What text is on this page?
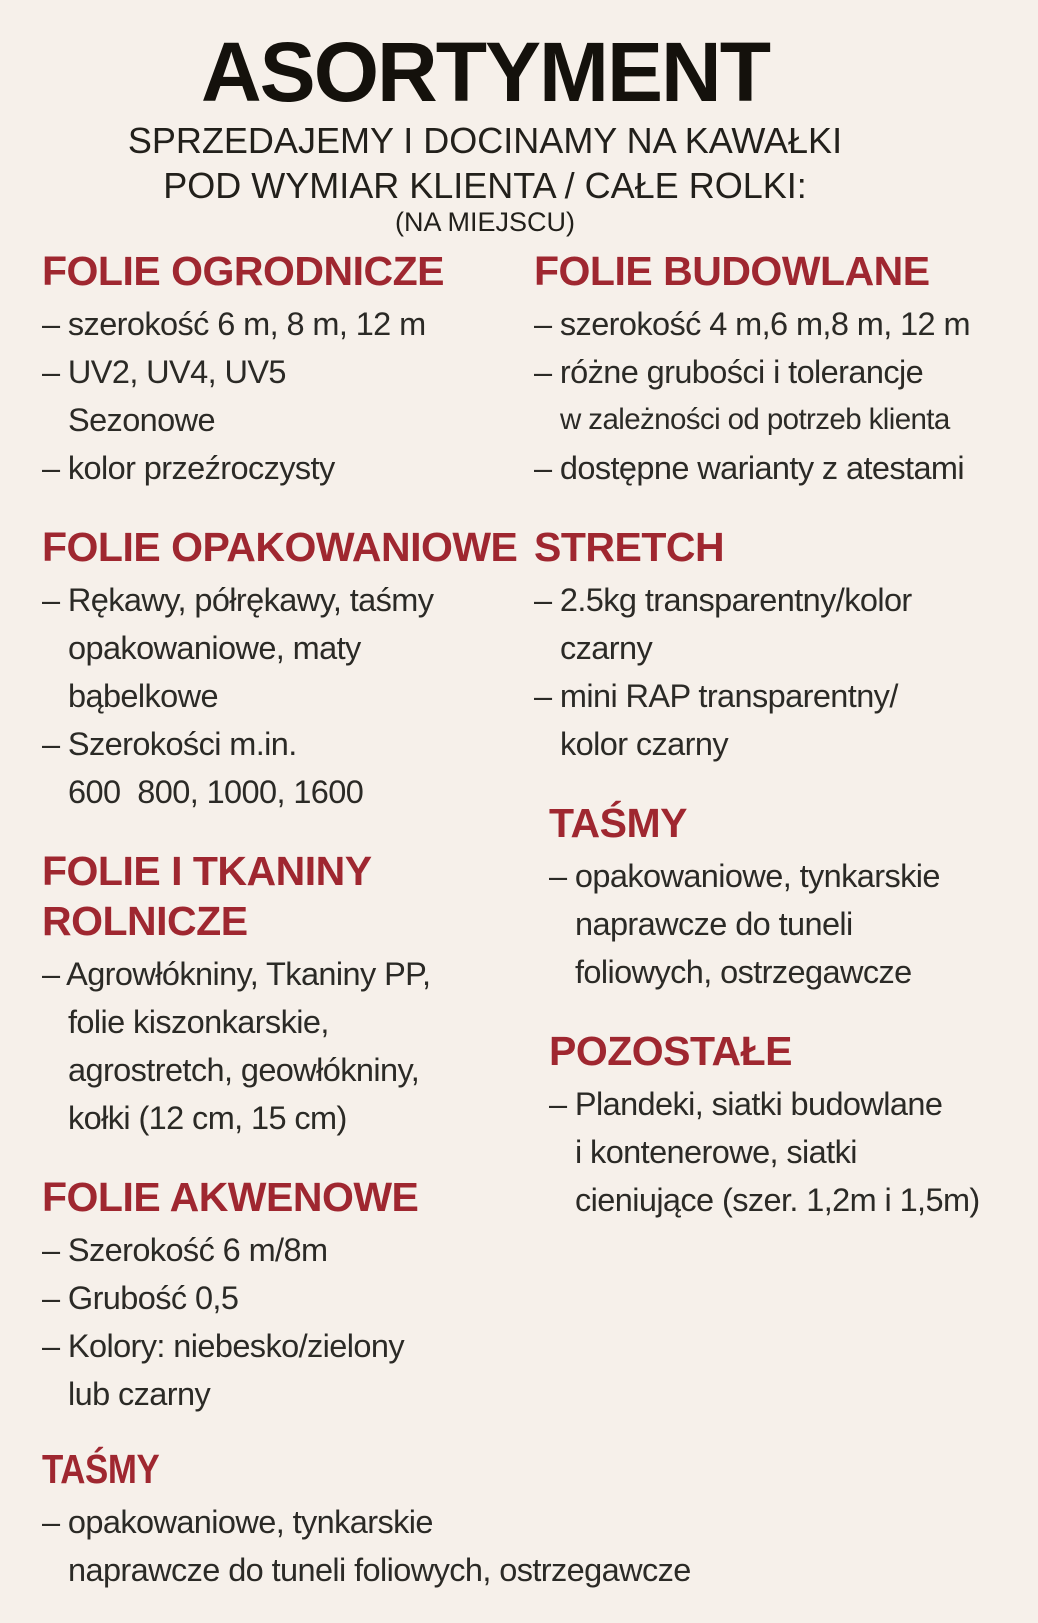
ASORTYMENT
SPRZEDAJEMY I DOCINAMY NA KAWAŁKI
POD WYMIAR KLIENTA / CAŁE ROLKI:
(NA MIEJSCU)
FOLIE OGRODNICZE

– szerokość 6 m, 8 m, 12 m

– UV2, UV4, UV5

Sezonowe

– kolor przeźroczysty

FOLIE OPAKOWANIOWE

– Rękawy, półrękawy, taśmy

opakowaniowe, maty

bąbelkowe

– Szerokości m.in.

600  800, 1000, 1600

FOLIE I TKANINY ROLNICZE

– Agrowłókniny, Tkaniny PP,

folie kiszonkarskie,

agrostretch, geowłókniny,

kołki (12 cm, 15 cm)

FOLIE AKWENOWE

– Szerokość 6 m/8m

– Grubość 0,5

– Kolory: niebesko/zielony

lub czarny

FOLIE BUDOWLANE

– szerokość 4 m,6 m,8 m, 12 m

– różne grubości i tolerancje

w zależności od potrzeb klienta

– dostępne warianty z atestami

STRETCH

– 2.5kg transparentny/kolor

czarny

– mini RAP transparentny/

kolor czarny

TAŚMY

– opakowaniowe, tynkarskie

naprawcze do tuneli

foliowych, ostrzegawcze

POZOSTAŁE

– Plandeki, siatki budowlane

i kontenerowe, siatki

cieniujące (szer. 1,2m i 1,5m)

TAŚMY

– opakowaniowe, tynkarskie

naprawcze do tuneli foliowych, ostrzegawcze
